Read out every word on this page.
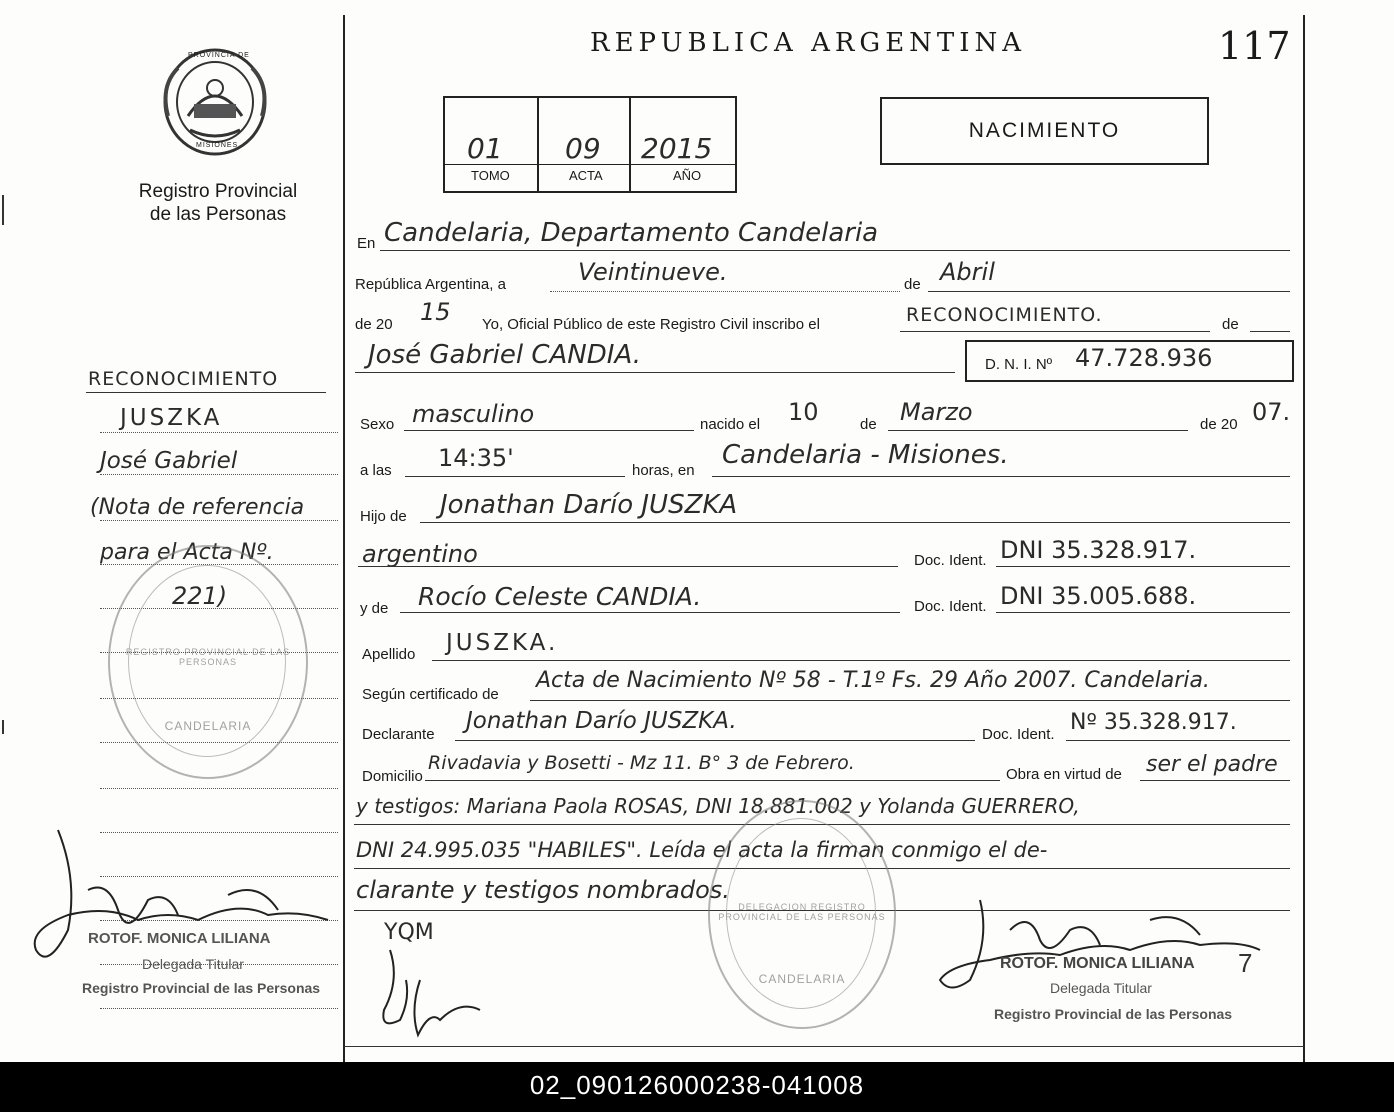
PROVINCIA DE
MISIONES
Registro Provincial
de las Personas
REPUBLICA ARGENTINA	117
01 09 2015
TOMO	ACTA	AÑO
NACIMIENTO
RECONOCIMIENTO
JUSZKA
José Gabriel
(Nota de referencia
para el Acta Nº.
221)
REGISTRO PROVINCIAL DE LAS PERSONAS
CANDELARIA
ROTOF. MONICA LILIANA
Delegada Titular
Registro Provincial de las Personas
En Candelaria, Departamento Candelaria
República Argentina, a	Veintinueve.	de Abril
de 20 15 Yo, Oficial Público de este Registro Civil inscribo el	RECONOCIMIENTO.	de
José Gabriel CANDIA.	D. N. I. Nº 47.728.936
Sexo masculino	nacido el 10	de Marzo	de 20 07.
a las 14:35'	horas, en
Candelaria - Misiones.
Hijo de Jonathan Darío JUSZKA
argentino	Doc. Ident. DNI 35.328.917.
y de Rocío Celeste CANDIA.	Doc. Ident. DNI 35.005.688.
Apellido JUSZKA.
Según certificado de
Acta de Nacimiento Nº 58 - T.1º Fs. 29 Año 2007. Candelaria.
Declarante
Jonathan Darío JUSZKA.
Doc. Ident. Nº 35.328.917.
Domicilio
Rivadavia y Bosetti - Mz 11. B° 3 de Febrero.
Obra en virtud de ser el padre
y testigos: Mariana Paola ROSAS, DNI 18.881.002 y Yolanda GUERRERO,
DNI 24.995.035 "HABILES". Leída el acta la firman conmigo el de-
clarante y testigos nombrados.
YQM
DELEGACION REGISTRO PROVINCIAL DE LAS PERSONAS
CANDELARIA
ROTOF. MONICA LILIANA 7
Delegada Titular
Registro Provincial de las Personas
02_090126000238-041008
